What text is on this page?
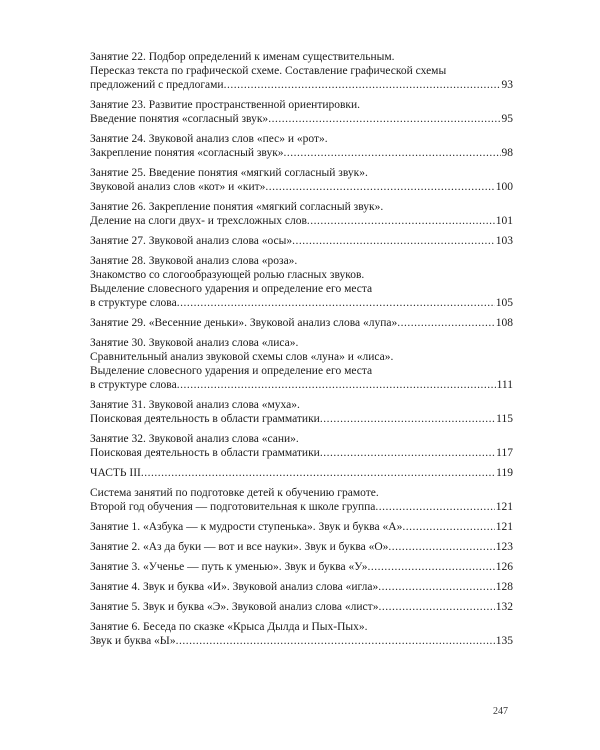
Занятие 22. Подбор определений к именам существительным.
Пересказ текста по графической схеме. Составление графической схемы
предложений с предлогами .....	93
Занятие 23. Развитие пространственной ориентировки.
Введение понятия «согласный звук» .....	95
Занятие 24. Звуковой анализ слов «пес» и «рот».
Закрепление понятия «согласный звук» .....	98
Занятие 25. Введение понятия «мягкий согласный звук».
Звуковой анализ слов «кот» и «кит» .....	100
Занятие 26. Закрепление понятия «мягкий согласный звук».
Деление на слоги двух- и трехсложных слов .....	101
Занятие 27. Звуковой анализ слова «осы» .....	103
Занятие 28. Звуковой анализ слова «роза».
Знакомство со слогообразующей ролью гласных звуков.
Выделение словесного ударения и определение его места
в структуре слова .....	105
Занятие 29. «Весенние деньки». Звуковой анализ слова «лупа» .....	108
Занятие 30. Звуковой анализ слова «лиса».
Сравнительный анализ звуковой схемы слов «луна» и «лиса».
Выделение словесного ударения и определение его места
в структуре слова .....	111
Занятие 31. Звуковой анализ слова «муха».
Поисковая деятельность в области грамматики .....	115
Занятие 32. Звуковой анализ слова «сани».
Поисковая деятельность в области грамматики .....	117
ЧАСТЬ III .....	119
Система занятий по подготовке детей к обучению грамоте.
Второй год обучения — подготовительная к школе группа .....	121
Занятие 1. «Азбука — к мудрости ступенька». Звук и буква «А» .....	121
Занятие 2. «Аз да буки — вот и все науки». Звук и буква «О» .....	123
Занятие 3. «Ученье — путь к уменью». Звук и буква «У» .....	126
Занятие 4. Звук и буква «И». Звуковой анализ слова «игла» .....	128
Занятие 5. Звук и буква «Э». Звуковой анализ слова «лист» .....	132
Занятие 6. Беседа по сказке «Крыса Дылда и Пых-Пых».
Звук и буква «Ы» .....	135
247
